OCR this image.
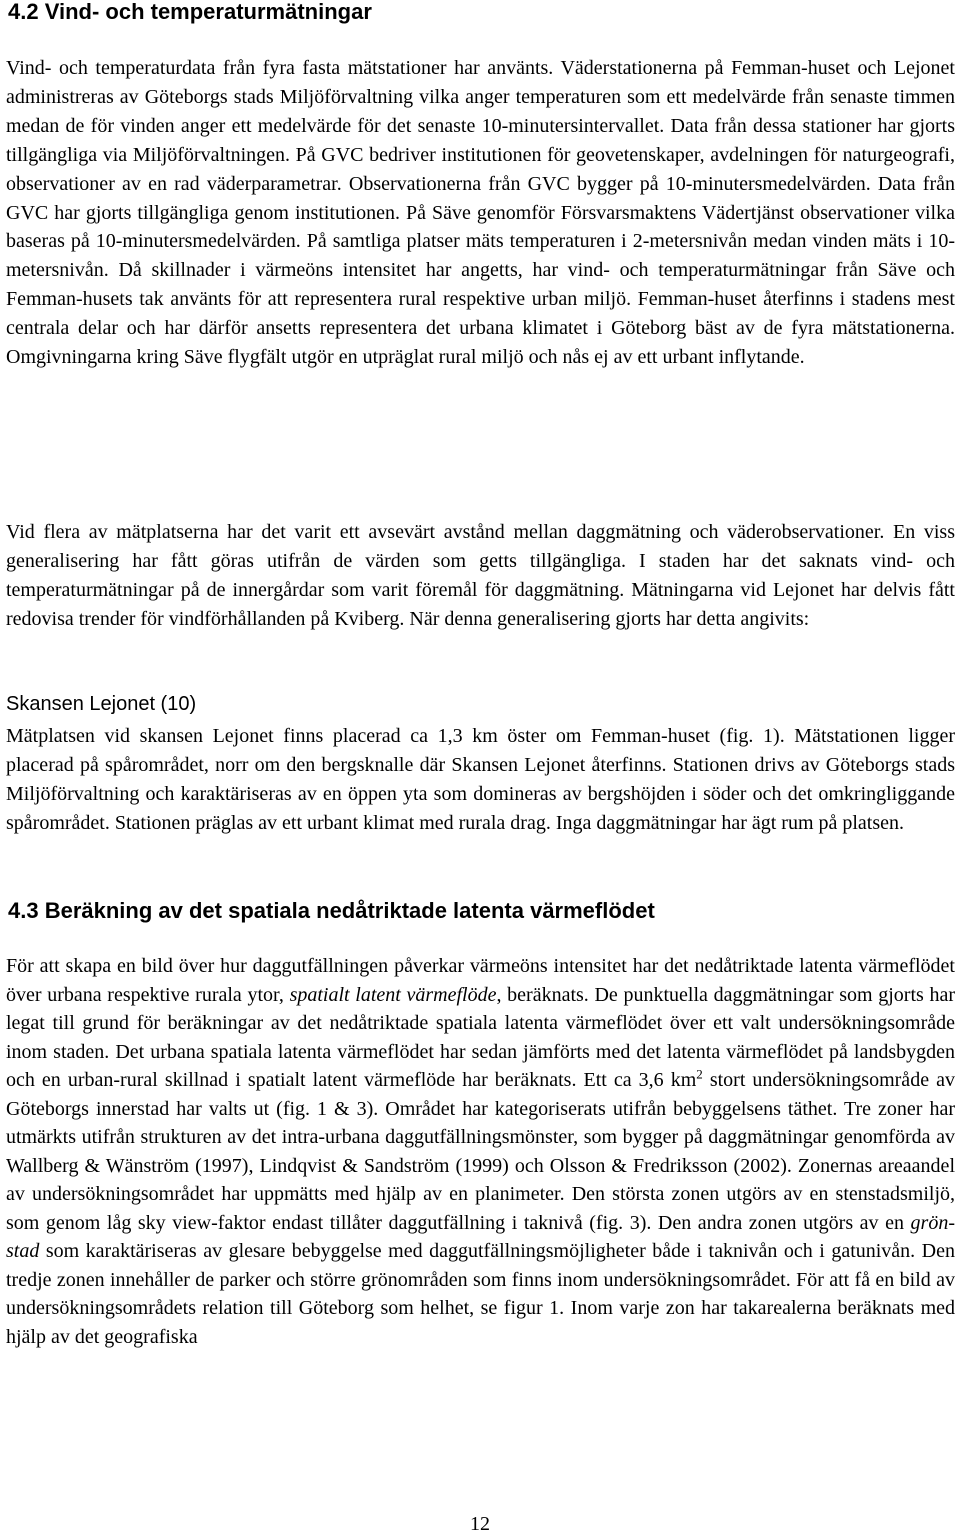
4.2 Vind- och temperaturmätningar

Vind- och temperaturdata från fyra fasta mätstationer har använts. Väderstationerna på Femman-huset och Lejonet administreras av Göteborgs stads Miljöförvaltning vilka anger temperaturen som ett medelvärde från senaste timmen medan de för vinden anger ett medelvärde för det senaste 10-minutersintervallet. Data från dessa stationer har gjorts tillgängliga via Miljöförvaltningen. På GVC bedriver institutionen för geovetenskaper, avdelningen för naturgeografi, observationer av en rad väderparametrar. Observationerna från GVC bygger på 10-minutersmedelvärden. Data från GVC har gjorts tillgängliga genom institutionen. På Säve genomför Försvarsmaktens Vädertjänst observationer vilka baseras på 10-minutersmedelvärden. På samtliga platser mäts temperaturen i 2-metersnivån medan vinden mäts i 10-metersnivån. Då skillnader i värmeöns intensitet har angetts, har vind- och temperaturmätningar från Säve och Femman-husets tak använts för att representera rural respektive urban miljö. Femman-huset återfinns i stadens mest centrala delar och har därför ansetts representera det urbana klimatet i Göteborg bäst av de fyra mätstationerna. Omgivningarna kring Säve flygfält utgör en utpräglat rural miljö och nås ej av ett urbant inflytande.

Vid flera av mätplatserna har det varit ett avsevärt avstånd mellan daggmätning och väderobservationer. En viss generalisering har fått göras utifrån de värden som getts tillgängliga. I staden har det saknats vind- och temperaturmätningar på de innergårdar som varit föremål för daggmätning. Mätningarna vid Lejonet har delvis fått redovisa trender för vindförhållanden på Kviberg. När denna generalisering gjorts har detta angivits:

Skansen Lejonet (10)

Mätplatsen vid skansen Lejonet finns placerad ca 1,3 km öster om Femman-huset (fig. 1). Mätstationen ligger placerad på spårområdet, norr om den bergsknalle där Skansen Lejonet återfinns. Stationen drivs av Göteborgs stads Miljöförvaltning och karaktäriseras av en öppen yta som domineras av bergshöjden i söder och det omkringliggande spårområdet. Stationen präglas av ett urbant klimat med rurala drag. Inga daggmätningar har ägt rum på platsen.

4.3 Beräkning av det spatiala nedåtriktade latenta värmeflödet

För att skapa en bild över hur daggutfällningen påverkar värmeöns intensitet har det nedåtriktade latenta värmeflödet över urbana respektive rurala ytor, spatialt latent värmeflöde, beräknats. De punktuella daggmätningar som gjorts har legat till grund för beräkningar av det nedåtriktade spatiala latenta värmeflödet över ett valt undersökningsområde inom staden. Det urbana spatiala latenta värmeflödet har sedan jämförts med det latenta värmeflödet på landsbygden och en urban-rural skillnad i spatialt latent värmeflöde har beräknats. Ett ca 3,6 $km^2$ stort undersökningsområde av Göteborgs innerstad har valts ut (fig. 1 & 3). Området har kategoriserats utifrån bebyggelsens täthet. Tre zoner har utmärkts utifrån strukturen av det intra-urbana daggutfällningsmönster, som bygger på daggmätningar genomförda av Wallberg & Wänström (1997), Lindqvist & Sandström (1999) och Olsson & Fredriksson (2002). Zonernas areaandel av undersökningsområdet har uppmätts med hjälp av en planimeter. Den största zonen utgörs av en stenstadsmiljö, som genom låg sky view-faktor endast tillåter daggutfällning i taknivå (fig. 3). Den andra zonen utgörs av en grön-stad som karaktäriseras av glesare bebyggelse med daggutfällningsmöjligheter både i taknivån och i gatunivån. Den tredje zonen innehåller de parker och större grönområden som finns inom undersökningsområdet. För att få en bild av undersökningsområdets relation till Göteborg som helhet, se figur 1. Inom varje zon har takarealerna beräknats med hjälp av det geografiska

12
